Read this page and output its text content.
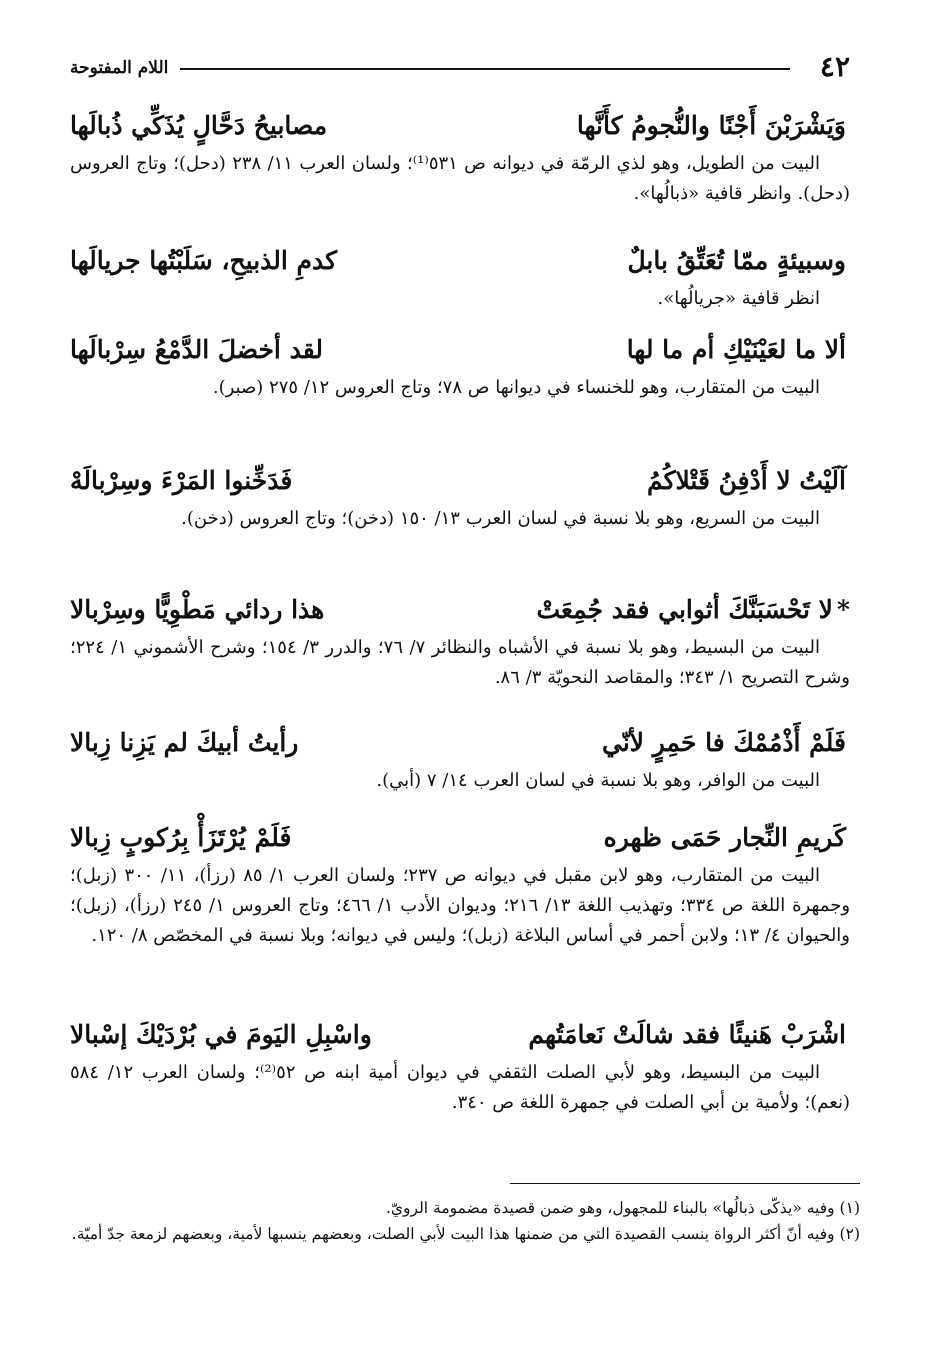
٤٢
اللام المفتوحة
وَيَشْرَبْنَ أَجْنًا والنُّجومُ كأَنَّها
مصابيحُ دَحَّالٍ يُذَكِّي ذُبالَها
البيت من الطويل، وهو لذي الرمّة في ديوانه ص ٥٣١⁽¹⁾؛ ولسان العرب ١١/ ٢٣٨ (دحل)؛ وتاج العروس (دحل). وانظر قافية «ذبالُها».
وسبيئةٍ ممّا تُعَتِّقُ بابلٌ
كدمِ الذبيحِ، سَلَبْتُها جريالَها
انظر قافية «جريالُها».
ألا ما لعَيْنَيْكِ أم ما لها
لقد أخضلَ الدَّمْعُ سِرْبالَها
البيت من المتقارب، وهو للخنساء في ديوانها ص ٧٨؛ وتاج العروس ١٢/ ٢٧٥ (صبر).
آلَيْتُ لا أَدْفِنُ قَتْلاكُمُ
فَدَخِّنوا المَرْءَ وسِرْبالَهْ
البيت من السريع، وهو بلا نسبة في لسان العرب ١٣/ ١٥٠ (دخن)؛ وتاج العروس (دخن).
*لا تَحْسَبَنَّكَ أثوابي فقد جُمِعَتْ
هذا ردائي مَطْوِيًّا وسِرْبالا
البيت من البسيط، وهو بلا نسبة في الأشباه والنظائر ٧/ ٧٦؛ والدرر ٣/ ١٥٤؛ وشرح الأشموني ١/ ٢٢٤؛ وشرح التصريح ١/ ٣٤٣؛ والمقاصد النحويّة ٣/ ٨٦.
فَلَمْ أَذْمُمْكَ فا حَمِرٍ لأنّي
رأيتُ أبيكَ لم يَزِنا زِبالا
البيت من الوافر، وهو بلا نسبة في لسان العرب ١٤/ ٧ (أبي).
كَريمِ النِّجار حَمَى ظهره
فَلَمْ يُرْتَزَأْ بِرُكوبٍ زِبالا
البيت من المتقارب، وهو لابن مقبل في ديوانه ص ٢٣٧؛ ولسان العرب ١/ ٨٥ (رزأ)، ١١/ ٣٠٠ (زبل)؛ وجمهرة اللغة ص ٣٣٤؛ وتهذيب اللغة ١٣/ ٢١٦؛ وديوان الأدب ١/ ٤٦٦؛ وتاج العروس ١/ ٢٤٥ (رزأ)، (زبل)؛ والحيوان ٤/ ١٣؛ ولابن أحمر في أساس البلاغة (زبل)؛ وليس في ديوانه؛ وبلا نسبة في المخصّص ٨/ ١٢٠.
اشْرَبْ هَنيئًا فقد شالَتْ نَعامَتُهم
واسْبِلِ اليَومَ في بُرْدَيْكَ إسْبالا
البيت من البسيط، وهو لأبي الصلت الثقفي في ديوان أمية ابنه ص ٥٢⁽²⁾؛ ولسان العرب ١٢/ ٥٨٤ (نعم)؛ ولأمية بن أبي الصلت في جمهرة اللغة ص ٣٤٠.
(١) وفيه «يذكّى ذبالُها» بالبناء للمجهول، وهو ضمن قصيدة مضمومة الرويّ.
(٢) وفيه أنّ أكثر الرواة ينسب القصيدة التي من ضمنها هذا البيت لأبي الصلت، وبعضهم ينسبها لأمية، وبعضهم لزمعة جدّ أميّة.
